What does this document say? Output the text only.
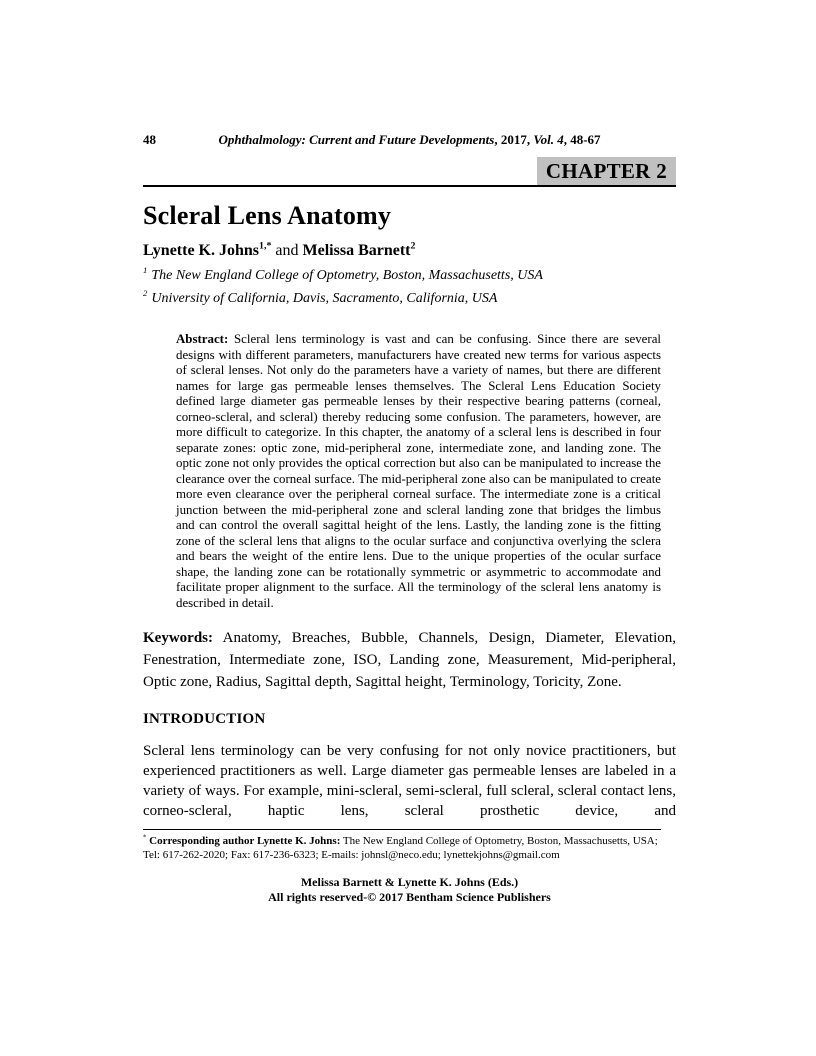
48	Ophthalmology: Current and Future Developments, 2017, Vol. 4, 48-67
CHAPTER 2
Scleral Lens Anatomy
Lynette K. Johns$^{1,*}$ and Melissa Barnett$^2$
$^1$ The New England College of Optometry, Boston, Massachusetts, USA
$^2$ University of California, Davis, Sacramento, California, USA
Abstract: Scleral lens terminology is vast and can be confusing. Since there are several designs with different parameters, manufacturers have created new terms for various aspects of scleral lenses. Not only do the parameters have a variety of names, but there are different names for large gas permeable lenses themselves. The Scleral Lens Education Society defined large diameter gas permeable lenses by their respective bearing patterns (corneal, corneo-scleral, and scleral) thereby reducing some confusion. The parameters, however, are more difficult to categorize. In this chapter, the anatomy of a scleral lens is described in four separate zones: optic zone, mid-peripheral zone, intermediate zone, and landing zone. The optic zone not only provides the optical correction but also can be manipulated to increase the clearance over the corneal surface. The mid-peripheral zone also can be manipulated to create more even clearance over the peripheral corneal surface. The intermediate zone is a critical junction between the mid-peripheral zone and scleral landing zone that bridges the limbus and can control the overall sagittal height of the lens. Lastly, the landing zone is the fitting zone of the scleral lens that aligns to the ocular surface and conjunctiva overlying the sclera and bears the weight of the entire lens. Due to the unique properties of the ocular surface shape, the landing zone can be rotationally symmetric or asymmetric to accommodate and facilitate proper alignment to the surface. All the terminology of the scleral lens anatomy is described in detail.
Keywords: Anatomy, Breaches, Bubble, Channels, Design, Diameter, Elevation, Fenestration, Intermediate zone, ISO, Landing zone, Measurement, Mid-peripheral, Optic zone, Radius, Sagittal depth, Sagittal height, Terminology, Toricity, Zone.
INTRODUCTION
Scleral lens terminology can be very confusing for not only novice practitioners, but experienced practitioners as well. Large diameter gas permeable lenses are labeled in a variety of ways. For example, mini-scleral, semi-scleral, full scleral, scleral contact lens, corneo-scleral, haptic lens, scleral prosthetic device, and
* Corresponding author Lynette K. Johns: The New England College of Optometry, Boston, Massachusetts, USA; Tel: 617-262-2020; Fax: 617-236-6323; E-mails: johnsl@neco.edu; lynettekjohns@gmail.com
Melissa Barnett & Lynette K. Johns (Eds.)
All rights reserved-© 2017 Bentham Science Publishers
